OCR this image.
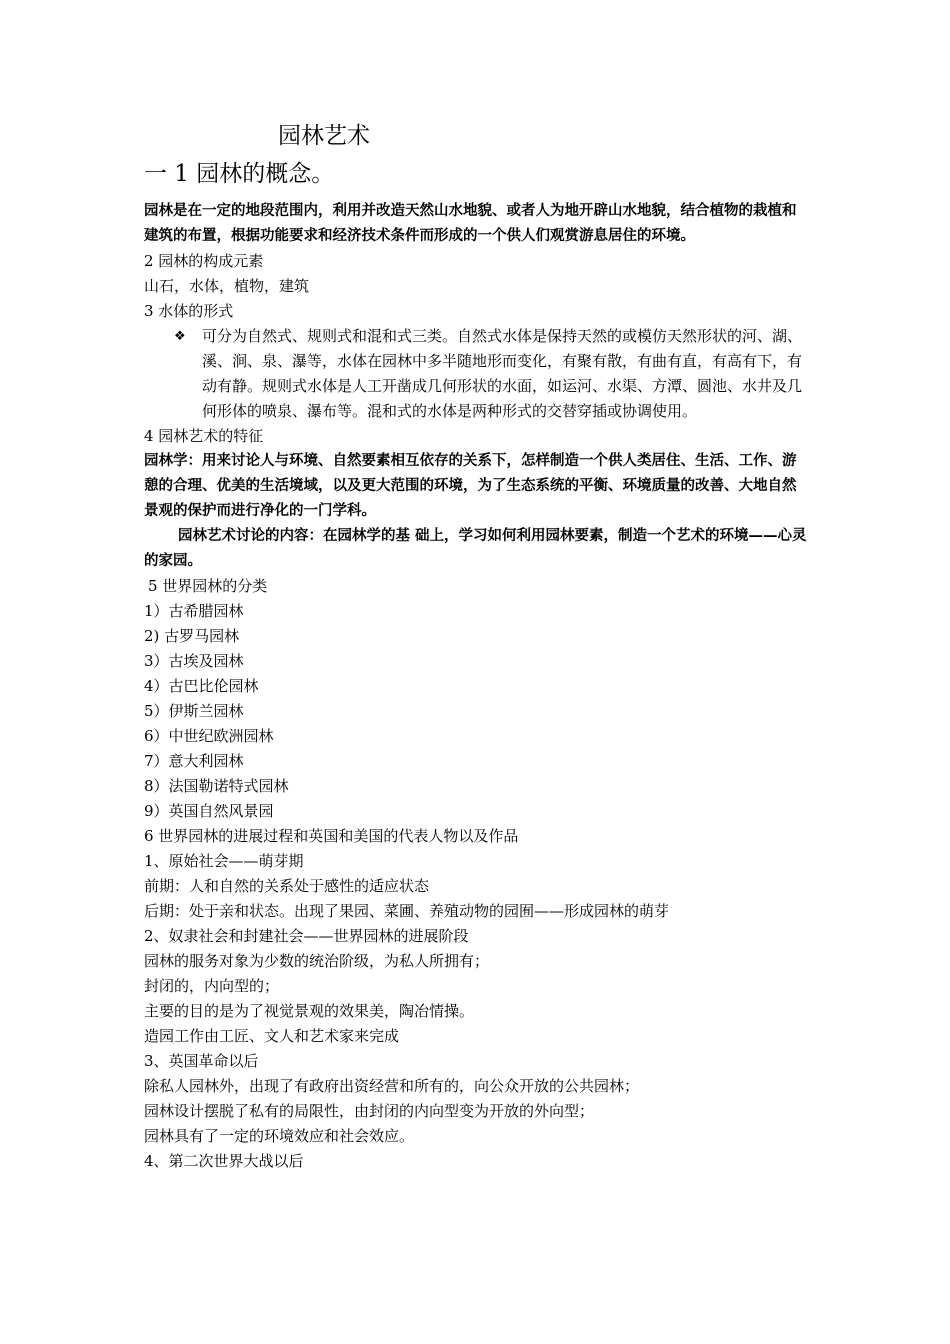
园林艺术
一 1 园林的概念。

园林是在一定的地段范围内，利用并改造天然山水地貌、或者人为地开辟山水地貌，结合植物的栽植和建筑的布置，根据功能要求和经济技术条件而形成的一个供人们观赏游息居住的环境。

2 园林的构成元素

山石，水体，植物，建筑

3 水体的形式

❖ 可分为自然式、规则式和混和式三类。自然式水体是保持天然的或模仿天然形状的河、湖、溪、涧、泉、瀑等，水体在园林中多半随地形而变化，有聚有散，有曲有直，有高有下，有动有静。规则式水体是人工开凿成几何形状的水面，如运河、水渠、方潭、圆池、水井及几何形体的喷泉、瀑布等。混和式的水体是两种形式的交替穿插或协调使用。

4 园林艺术的特征

园林学：用来讨论人与环境、自然要素相互依存的关系下，怎样制造一个供人类居住、生活、工作、游憩的合理、优美的生活境域，以及更大范围的环境，为了生态系统的平衡、环境质量的改善、大地自然景观的保护而进行净化的一门学科。

园林艺术讨论的内容：在园林学的基 础上，学习如何利用园林要素，制造一个艺术的环境——心灵的家园。

5 世界园林的分类

1）古希腊园林

2) 古罗马园林

3）古埃及园林

4）古巴比伦园林

5）伊斯兰园林

6）中世纪欧洲园林

7）意大利园林

8）法国勒诺特式园林

9）英国自然风景园

6 世界园林的进展过程和英国和美国的代表人物以及作品

1、原始社会——萌芽期

前期：人和自然的关系处于感性的适应状态

后期：处于亲和状态。出现了果园、菜圃、养殖动物的园囿——形成园林的萌芽

2、奴隶社会和封建社会——世界园林的进展阶段

园林的服务对象为少数的统治阶级，为私人所拥有；

封闭的，内向型的；

主要的目的是为了视觉景观的效果美，陶冶情操。

造园工作由工匠、文人和艺术家来完成

3、英国革命以后

除私人园林外，出现了有政府出资经营和所有的，向公众开放的公共园林；

园林设计摆脱了私有的局限性，由封闭的内向型变为开放的外向型；

园林具有了一定的环境效应和社会效应。

4、第二次世界大战以后
